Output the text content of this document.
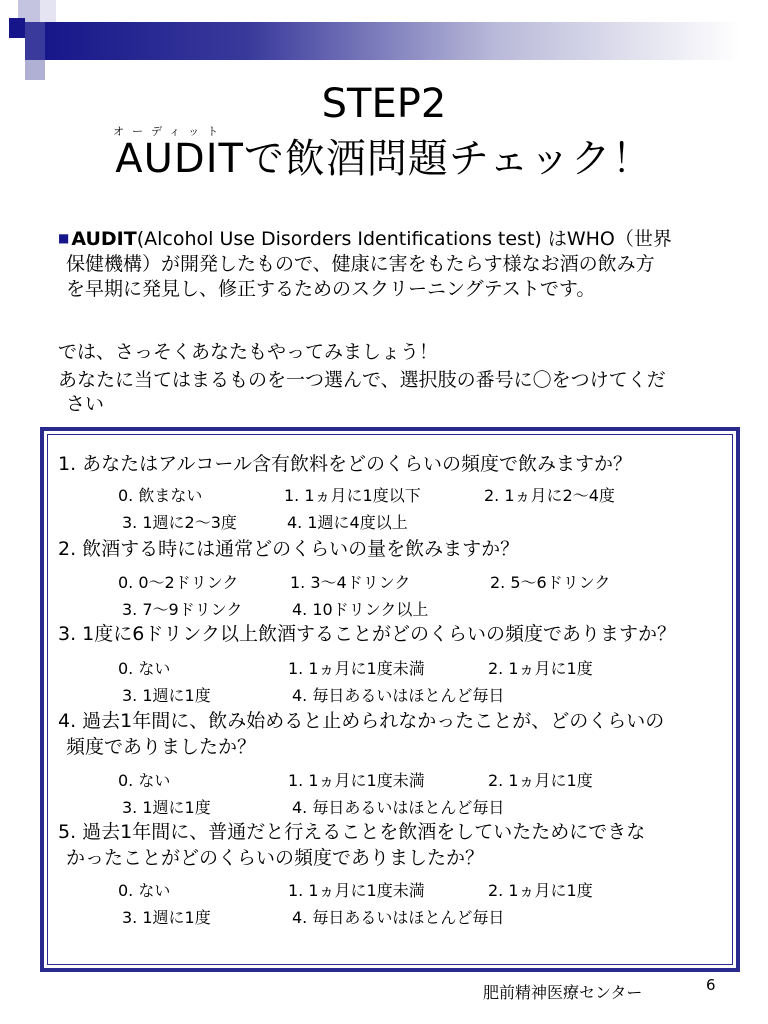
STEP2
オーディット
AUDITで飲酒問題チェック！
■ AUDIT(Alcohol Use Disorders Identifications test) はWHO（世界
保健機構）が開発したもので、健康に害をもたらす様なお酒の飲み方
を早期に発見し、修正するためのスクリーニングテストです。
では、さっそくあなたもやってみましょう！
あなたに当てはまるものを一つ選んで、選択肢の番号に〇をつけてくだ
さい
1. あなたはアルコール含有飲料をどのくらいの頻度で飲みますか？
0. 飲まない	1. 1ヵ月に1度以下	2. 1ヵ月に2〜4度
3. 1週に2〜3度	4. 1週に4度以上
2. 飲酒する時には通常どのくらいの量を飲みますか？
0. 0〜2ドリンク	1. 3〜4ドリンク	2. 5〜6ドリンク
3. 7〜9ドリンク	4. 10ドリンク以上
3. 1度に6ドリンク以上飲酒することがどのくらいの頻度でありますか？
0. ない	1. 1ヵ月に1度未満	2. 1ヵ月に1度
3. 1週に1度	4. 毎日あるいはほとんど毎日
4. 過去1年間に、飲み始めると止められなかったことが、どのくらいの
頻度でありましたか？
0. ない	1. 1ヵ月に1度未満	2. 1ヵ月に1度
3. 1週に1度	4. 毎日あるいはほとんど毎日
5. 過去1年間に、普通だと行えることを飲酒をしていたためにできな
かったことがどのくらいの頻度でありましたか？
0. ない	1. 1ヵ月に1度未満	2. 1ヵ月に1度
3. 1週に1度	4. 毎日あるいはほとんど毎日
肥前精神医療センター	6
